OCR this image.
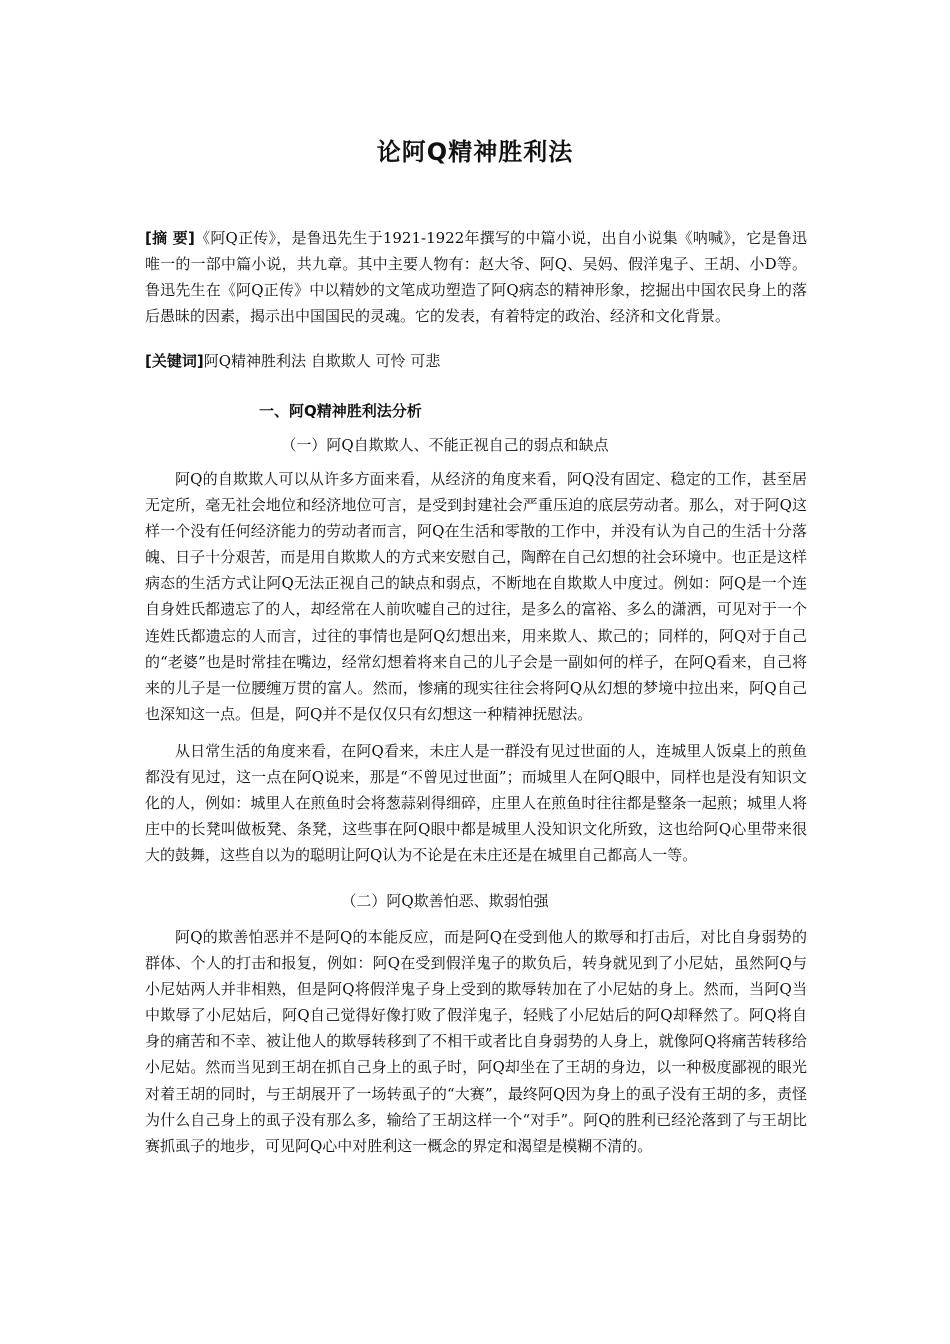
论阿Q精神胜利法
[摘 要]《阿Q正传》，是鲁迅先生于1921-1922年撰写的中篇小说，出自小说集《呐喊》，它是鲁迅唯一的一部中篇小说，共九章。其中主要人物有：赵大爷、阿Q、吴妈、假洋鬼子、王胡、小D等。鲁迅先生在《阿Q正传》中以精妙的文笔成功塑造了阿Q病态的精神形象，挖掘出中国农民身上的落后愚昧的因素，揭示出中国国民的灵魂。它的发表，有着特定的政治、经济和文化背景。
[关键词]阿Q精神胜利法 自欺欺人 可怜 可悲
一、阿Q精神胜利法分析
（一）阿Q自欺欺人、不能正视自己的弱点和缺点

阿Q的自欺欺人可以从许多方面来看，从经济的角度来看，阿Q没有固定、稳定的工作，甚至居无定所，毫无社会地位和经济地位可言，是受到封建社会严重压迫的底层劳动者。那么，对于阿Q这样一个没有任何经济能力的劳动者而言，阿Q在生活和零散的工作中，并没有认为自己的生活十分落魄、日子十分艰苦，而是用自欺欺人的方式来安慰自己，陶醉在自己幻想的社会环境中。也正是这样病态的生活方式让阿Q无法正视自己的缺点和弱点，不断地在自欺欺人中度过。例如：阿Q是一个连自身姓氏都遗忘了的人，却经常在人前吹嘘自己的过往，是多么的富裕、多么的潇洒，可见对于一个连姓氏都遗忘的人而言，过往的事情也是阿Q幻想出来，用来欺人、欺己的；同样的，阿Q对于自己的“老婆”也是时常挂在嘴边，经常幻想着将来自己的儿子会是一副如何的样子，在阿Q看来，自己将来的儿子是一位腰缠万贯的富人。然而，惨痛的现实往往会将阿Q从幻想的梦境中拉出来，阿Q自己也深知这一点。但是，阿Q并不是仅仅只有幻想这一种精神抚慰法。

从日常生活的角度来看，在阿Q看来，未庄人是一群没有见过世面的人，连城里人饭桌上的煎鱼都没有见过，这一点在阿Q说来，那是“不曾见过世面”；而城里人在阿Q眼中，同样也是没有知识文化的人，例如：城里人在煎鱼时会将葱蒜剁得细碎，庄里人在煎鱼时往往都是整条一起煎；城里人将庄中的长凳叫做板凳、条凳，这些事在阿Q眼中都是城里人没知识文化所致，这也给阿Q心里带来很大的鼓舞，这些自以为的聪明让阿Q认为不论是在未庄还是在城里自己都高人一等。

（二）阿Q欺善怕恶、欺弱怕强

阿Q的欺善怕恶并不是阿Q的本能反应，而是阿Q在受到他人的欺辱和打击后，对比自身弱势的群体、个人的打击和报复，例如：阿Q在受到假洋鬼子的欺负后，转身就见到了小尼姑，虽然阿Q与小尼姑两人并非相熟，但是阿Q将假洋鬼子身上受到的欺辱转加在了小尼姑的身上。然而，当阿Q当中欺辱了小尼姑后，阿Q自己觉得好像打败了假洋鬼子，轻贱了小尼姑后的阿Q却释然了。阿Q将自身的痛苦和不幸、被让他人的欺辱转移到了不相干或者比自身弱势的人身上，就像阿Q将痛苦转移给小尼姑。然而当见到王胡在抓自己身上的虱子时，阿Q却坐在了王胡的身边，以一种极度鄙视的眼光对着王胡的同时，与王胡展开了一场转虱子的“大赛”，最终阿Q因为身上的虱子没有王胡的多，责怪为什么自己身上的虱子没有那么多，输给了王胡这样一个“对手”。阿Q的胜利已经沦落到了与王胡比赛抓虱子的地步，可见阿Q心中对胜利这一概念的界定和渴望是模糊不清的。
